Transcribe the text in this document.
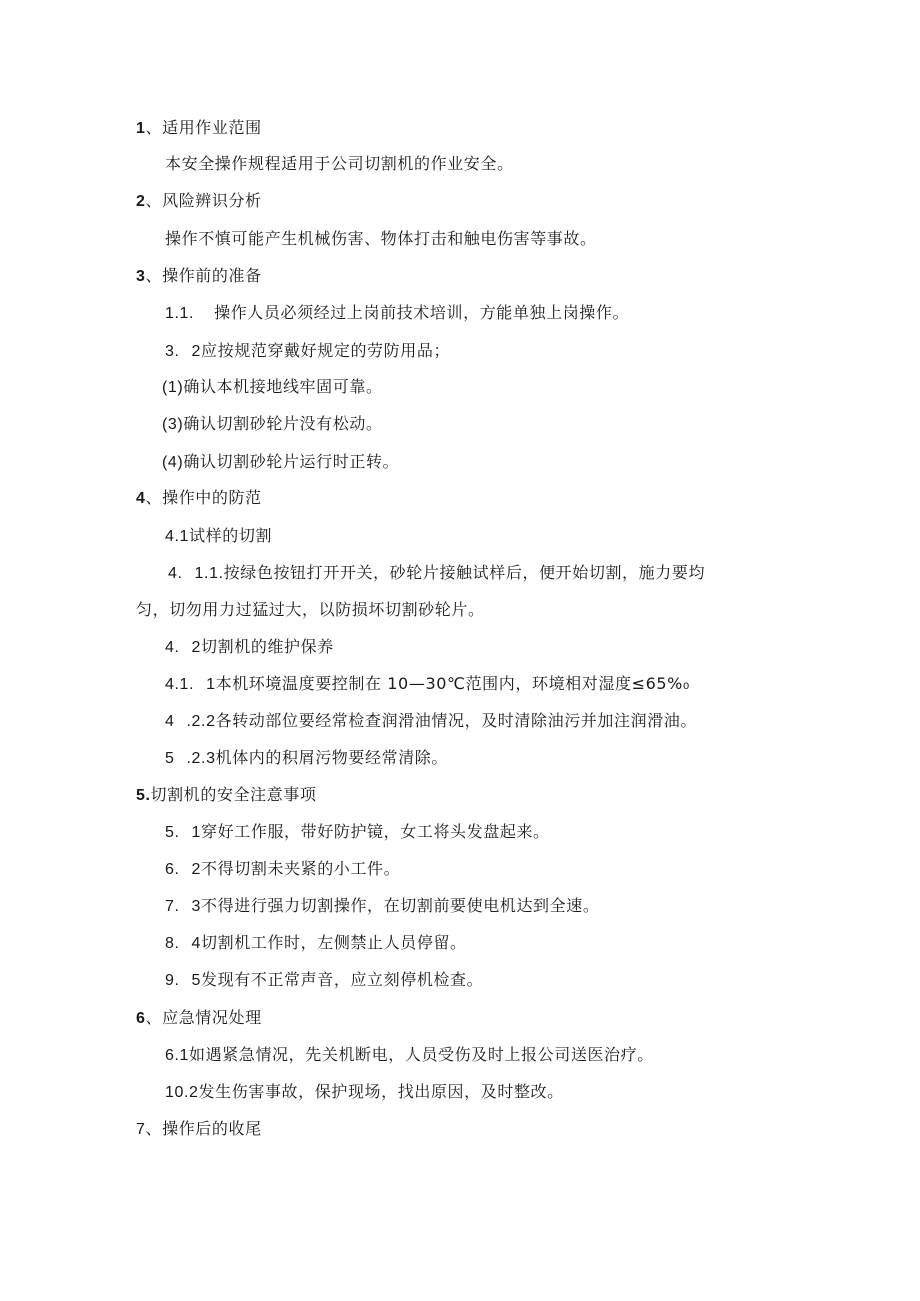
1、适用作业范围
本安全操作规程适用于公司切割机的作业安全。
2、风险辨识分析
操作不慎可能产生机械伤害、物体打击和触电伤害等事故。
3、操作前的准备
1.1. 操作人员必须经过上岗前技术培训，方能单独上岗操作。
3. 2应按规范穿戴好规定的劳防用品；
(1)确认本机接地线牢固可靠。
(3)确认切割砂轮片没有松动。
(4)确认切割砂轮片运行时正转。
4、操作中的防范
4.1试样的切割
4. 1.1.按绿色按钮打开开关，砂轮片接触试样后，便开始切割，施力要均
匀，切勿用力过猛过大，以防损坏切割砂轮片。
4. 2切割机的维护保养
4.1. 1本机环境温度要控制在 10—30℃范围内，环境相对湿度≤65%₀
4 .2.2各转动部位要经常检查润滑油情况，及时清除油污并加注润滑油。
5 .2.3机体内的积屑污物要经常清除。
5.切割机的安全注意事项
5. 1穿好工作服，带好防护镜，女工将头发盘起来。
6. 2不得切割未夹紧的小工件。
7. 3不得进行强力切割操作，在切割前要使电机达到全速。
8. 4切割机工作时，左侧禁止人员停留。
9. 5发现有不正常声音，应立刻停机检查。
6、应急情况处理
6.1如遇紧急情况，先关机断电，人员受伤及时上报公司送医治疗。
10.2发生伤害事故，保护现场，找出原因，及时整改。
7、操作后的收尾
